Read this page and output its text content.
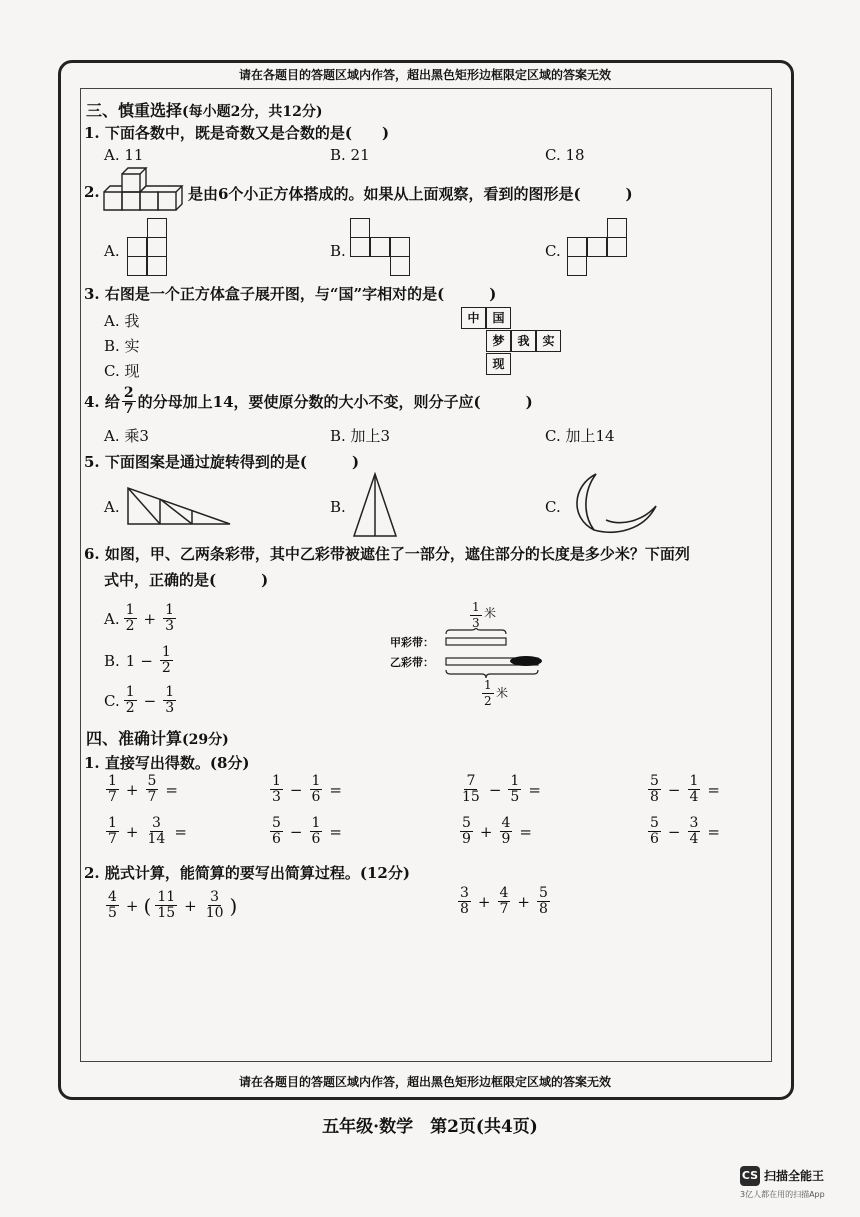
请在各题目的答题区域内作答，超出黑色矩形边框限定区域的答案无效
三、慎重选择(每小题2分，共12分)
1. 下面各数中，既是奇数又是合数的是(　　)
A. 11	B. 21	C. 18
2.	是由6个小正方体搭成的。如果从上面观察，看到的图形是(　　　)
A.	B.	C.
3. 右图是一个正方体盒子展开图，与“国”字相对的是(　　　)
A. 我
B. 实
C. 现
中	国
梦	我	实
现
4. 给 $\frac{2}{7}$ 的分母加上14，要使原分数的大小不变，则分子应(　　　)
A. 乘3	B. 加上3	C. 加上14
5. 下面图案是通过旋转得到的是(　　　)
A.	B.	C.
6. 如图，甲、乙两条彩带，其中乙彩带被遮住了一部分，遮住部分的长度是多少米？下面列
式中，正确的是(　　　)
A. $\frac{1}{2} + \frac{1}{3}$
B. $1 - \frac{1}{2}$
C. $\frac{1}{2} - \frac{1}{3}$
$\frac{1}{3}$ 米
甲彩带：
乙彩带：
$\frac{1}{2}$ 米
四、准确计算(29分)
1. 直接写出得数。(8分)
$\frac{1}{7} + \frac{5}{7}$ =	$\frac{1}{3} - \frac{1}{6}$ =	$\frac{7}{15} - \frac{1}{5}$ =	$\frac{5}{8} - \frac{1}{4}$ =
$\frac{1}{7} + \frac{3}{14}$ =	$\frac{5}{6} - \frac{1}{6}$ =	$\frac{5}{9} + \frac{4}{9}$ =	$\frac{5}{6} - \frac{3}{4}$ =
2. 脱式计算，能简算的要写出简算过程。(12分)
$\frac{4}{5}$ + ( $\frac{11}{15} + \frac{3}{10}$ )	$\frac{3}{8} + \frac{4}{7} + \frac{5}{8}$
请在各题目的答题区域内作答，超出黑色矩形边框限定区域的答案无效
五年级·数学　第2页(共4页)
CS 扫描全能王
3亿人都在用的扫描App
